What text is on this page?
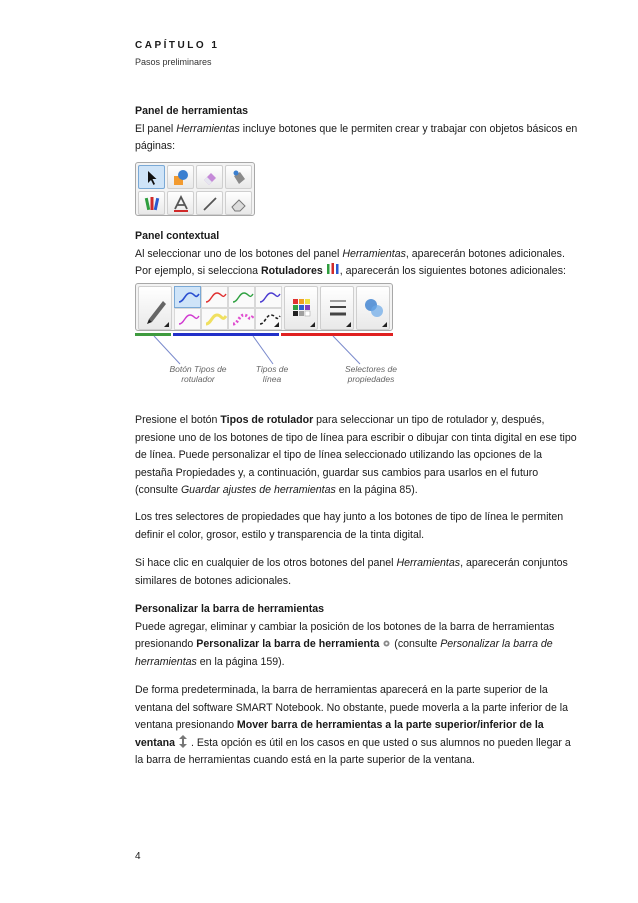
CAPÍTULO 1
Pasos preliminares
Panel de herramientas
El panel Herramientas incluye botones que le permiten crear y trabajar con objetos básicos en páginas:
Panel contextual
Al seleccionar uno de los botones del panel Herramientas, aparecerán botones adicionales. Por ejemplo, si selecciona Rotuladores , aparecerán los siguientes botones adicionales:
Botón Tipos de rotulador
Tipos de línea
Selectores de propiedades
Presione el botón Tipos de rotulador para seleccionar un tipo de rotulador y, después, presione uno de los botones de tipo de línea para escribir o dibujar con tinta digital en ese tipo de línea. Puede personalizar el tipo de línea seleccionado utilizando las opciones de la pestaña Propiedades y, a continuación, guardar sus cambios para usarlos en el futuro (consulte Guardar ajustes de herramientas en la página 85).
Los tres selectores de propiedades que hay junto a los botones de tipo de línea le permiten definir el color, grosor, estilo y transparencia de la tinta digital.
Si hace clic en cualquier de los otros botones del panel Herramientas, aparecerán conjuntos similares de botones adicionales.
Personalizar la barra de herramientas
Puede agregar, eliminar y cambiar la posición de los botones de la barra de herramientas presionando Personalizar la barra de herramienta  (consulte Personalizar la barra de herramientas en la página 159).
De forma predeterminada, la barra de herramientas aparecerá en la parte superior de la ventana del software SMART Notebook. No obstante, puede moverla a la parte inferior de la ventana presionando Mover barra de herramientas a la parte superior/inferior de la ventana  . Esta opción es útil en los casos en que usted o sus alumnos no pueden llegar a la barra de herramientas cuando está en la parte superior de la ventana.
4
